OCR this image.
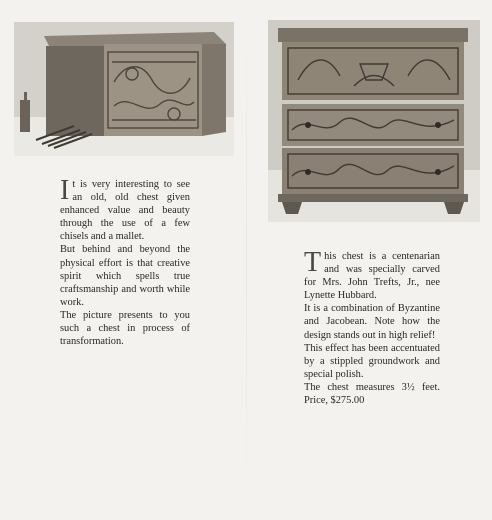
I t is very interesting to see an old, old chest given enhanced value and beauty through the use of a few chisels and a mallet.

But behind and beyond the physical effort is that creative spirit which spells true craftsmanship and worth while work.

The picture presents to you such a chest in process of transformation.

T his chest is a centenarian and was specially carved for Mrs. John Trefts, Jr., nee Lynette Hubbard.

It is a combination of Byzantine and Jacobean. Note how the design stands out in high relief!

This effect has been accentuated by a stippled groundwork and special polish.

The chest measures 3½ feet. Price, $275.00
